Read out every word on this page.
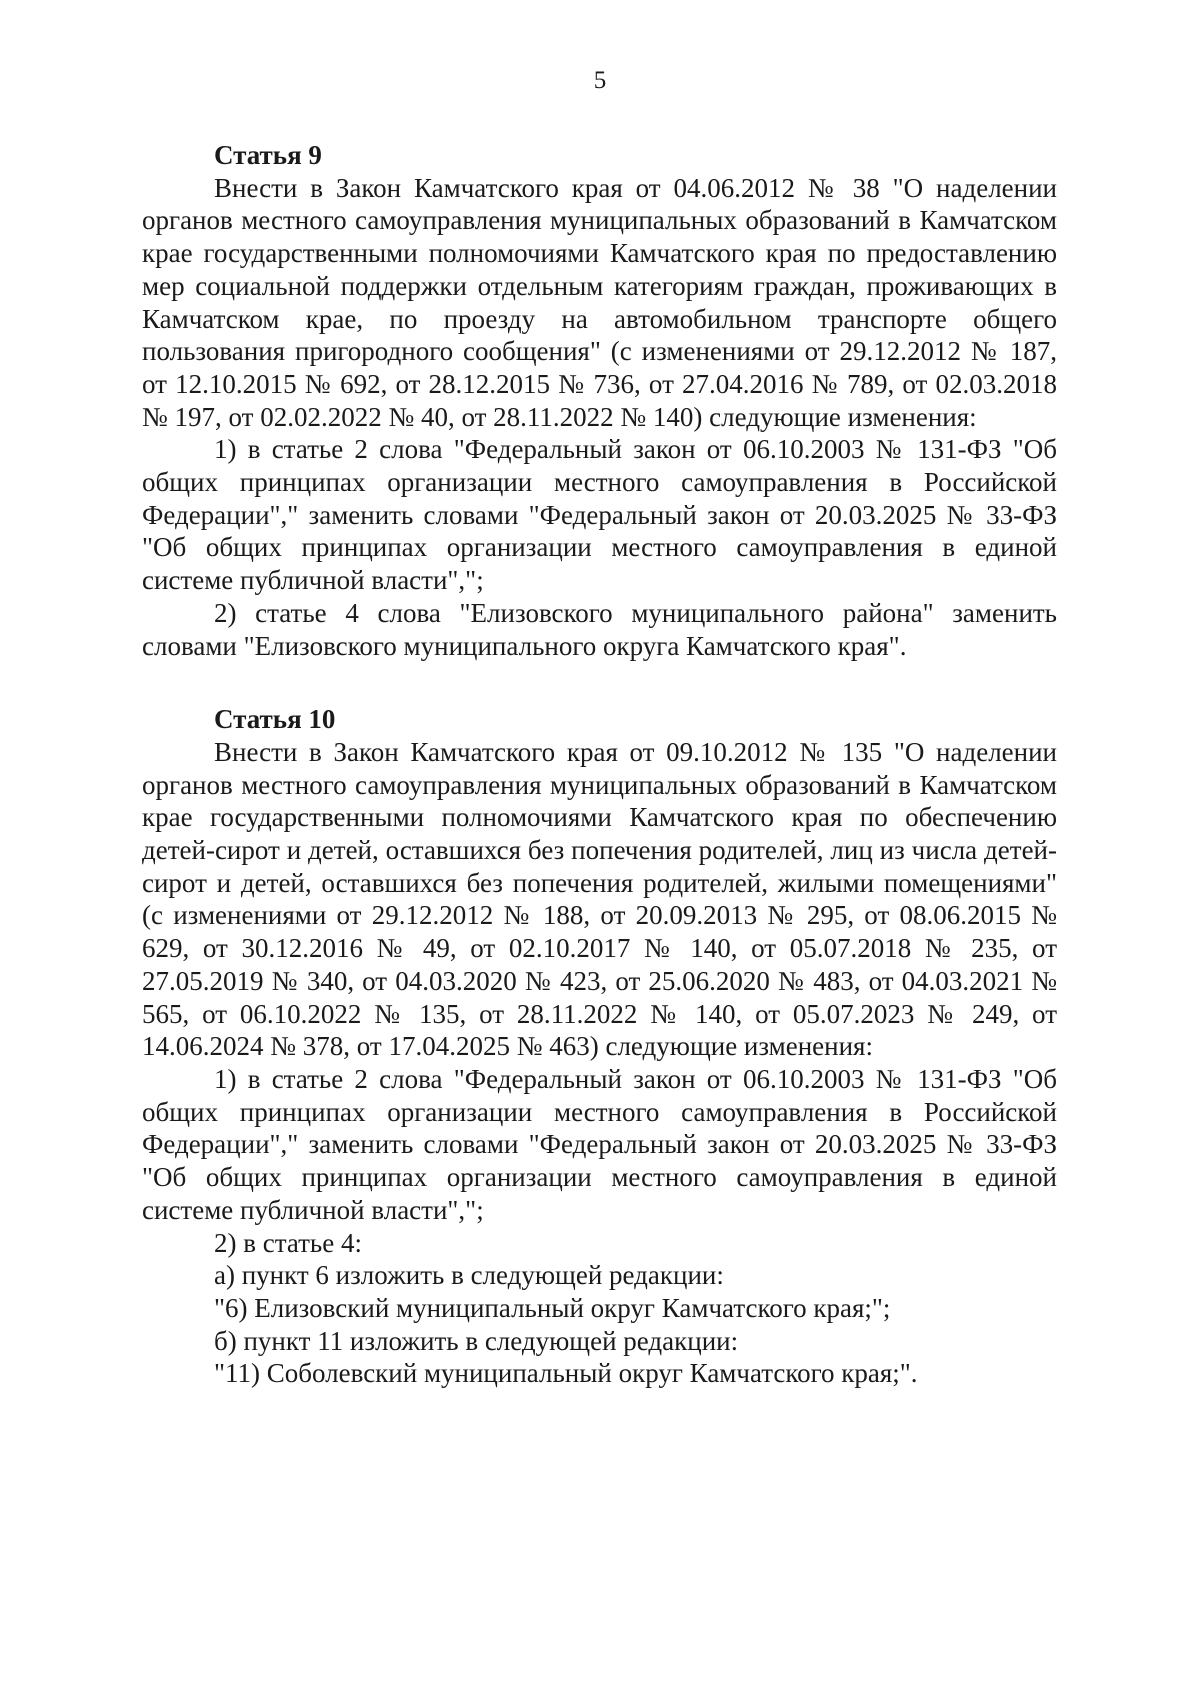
5

Статья 9

Внести в Закон Камчатского края от 04.06.2012 № 38 "О наделении органов местного самоуправления муниципальных образований в Камчатском крае государственными полномочиями Камчатского края по предоставлению мер социальной поддержки отдельным категориям граждан, проживающих в Камчатском крае, по проезду на автомобильном транспорте общего пользования пригородного сообщения" (с изменениями от 29.12.2012 № 187, от 12.10.2015 № 692, от 28.12.2015 № 736, от 27.04.2016 № 789, от 02.03.2018 № 197, от 02.02.2022 № 40, от 28.11.2022 № 140) следующие изменения:

1) в статье 2 слова "Федеральный закон от 06.10.2003 № 131-ФЗ "Об общих принципах организации местного самоуправления в Российской Федерации"," заменить словами "Федеральный закон от 20.03.2025 № 33-ФЗ "Об общих принципах организации местного самоуправления в единой системе публичной власти",";

2) статье 4 слова "Елизовского муниципального района" заменить словами "Елизовского муниципального округа Камчатского края".

Статья 10

Внести в Закон Камчатского края от 09.10.2012 № 135 "О наделении органов местного самоуправления муниципальных образований в Камчатском крае государственными полномочиями Камчатского края по обеспечению детей-сирот и детей, оставшихся без попечения родителей, лиц из числа детей-сирот и детей, оставшихся без попечения родителей, жилыми помещениями" (с изменениями от 29.12.2012 № 188, от 20.09.2013 № 295, от 08.06.2015 № 629, от 30.12.2016 № 49, от 02.10.2017 № 140, от 05.07.2018 № 235, от 27.05.2019 № 340, от 04.03.2020 № 423, от 25.06.2020 № 483, от 04.03.2021 № 565, от 06.10.2022 № 135, от 28.11.2022 № 140, от 05.07.2023 № 249, от 14.06.2024 № 378, от 17.04.2025 № 463) следующие изменения:

1) в статье 2 слова "Федеральный закон от 06.10.2003 № 131-ФЗ "Об общих принципах организации местного самоуправления в Российской Федерации"," заменить словами "Федеральный закон от 20.03.2025 № 33-ФЗ "Об общих принципах организации местного самоуправления в единой системе публичной власти",";

2) в статье 4:

а) пункт 6 изложить в следующей редакции:

"6) Елизовский муниципальный округ Камчатского края;";

б) пункт 11 изложить в следующей редакции:

"11) Соболевский муниципальный округ Камчатского края;".
